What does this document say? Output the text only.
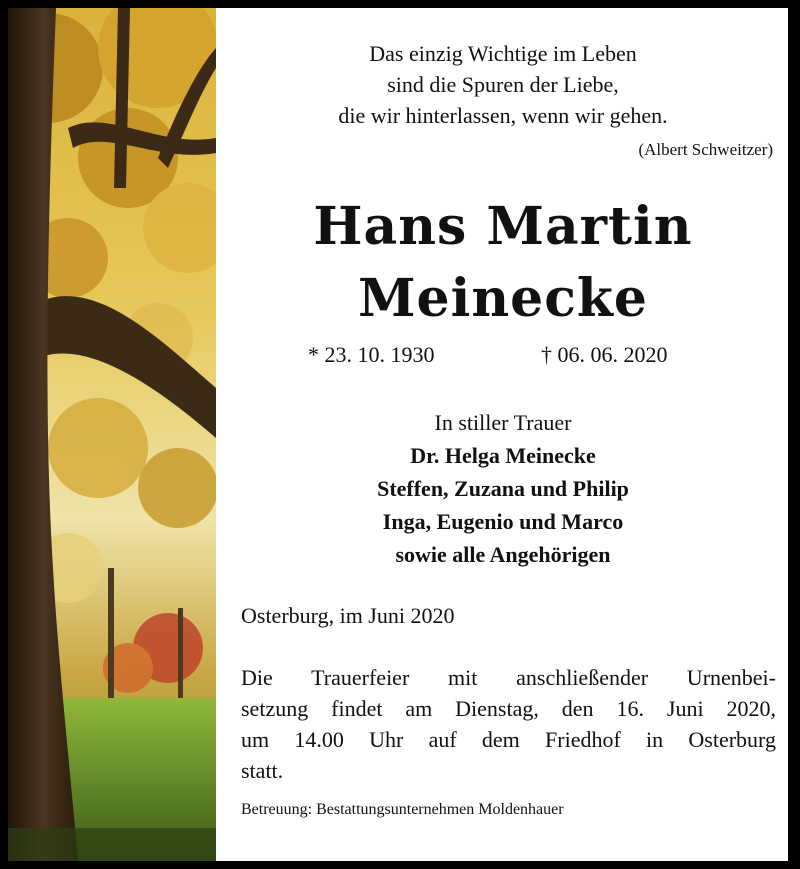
Das einzig Wichtige im Leben
sind die Spuren der Liebe,
die wir hinterlassen, wenn wir gehen.
(Albert Schweitzer)
Hans Martin
Meinecke
* 23. 10. 1930	† 06. 06. 2020
In stiller Trauer
Dr. Helga Meinecke
Steffen, Zuzana und Philip
Inga, Eugenio und Marco
sowie alle Angehörigen
Osterburg, im Juni 2020
Die Trauerfeier mit anschließender Urnenbei-
setzung findet am Dienstag, den 16. Juni 2020,
um 14.00 Uhr auf dem Friedhof in Osterburg
statt.
Betreuung: Bestattungsunternehmen Moldenhauer
